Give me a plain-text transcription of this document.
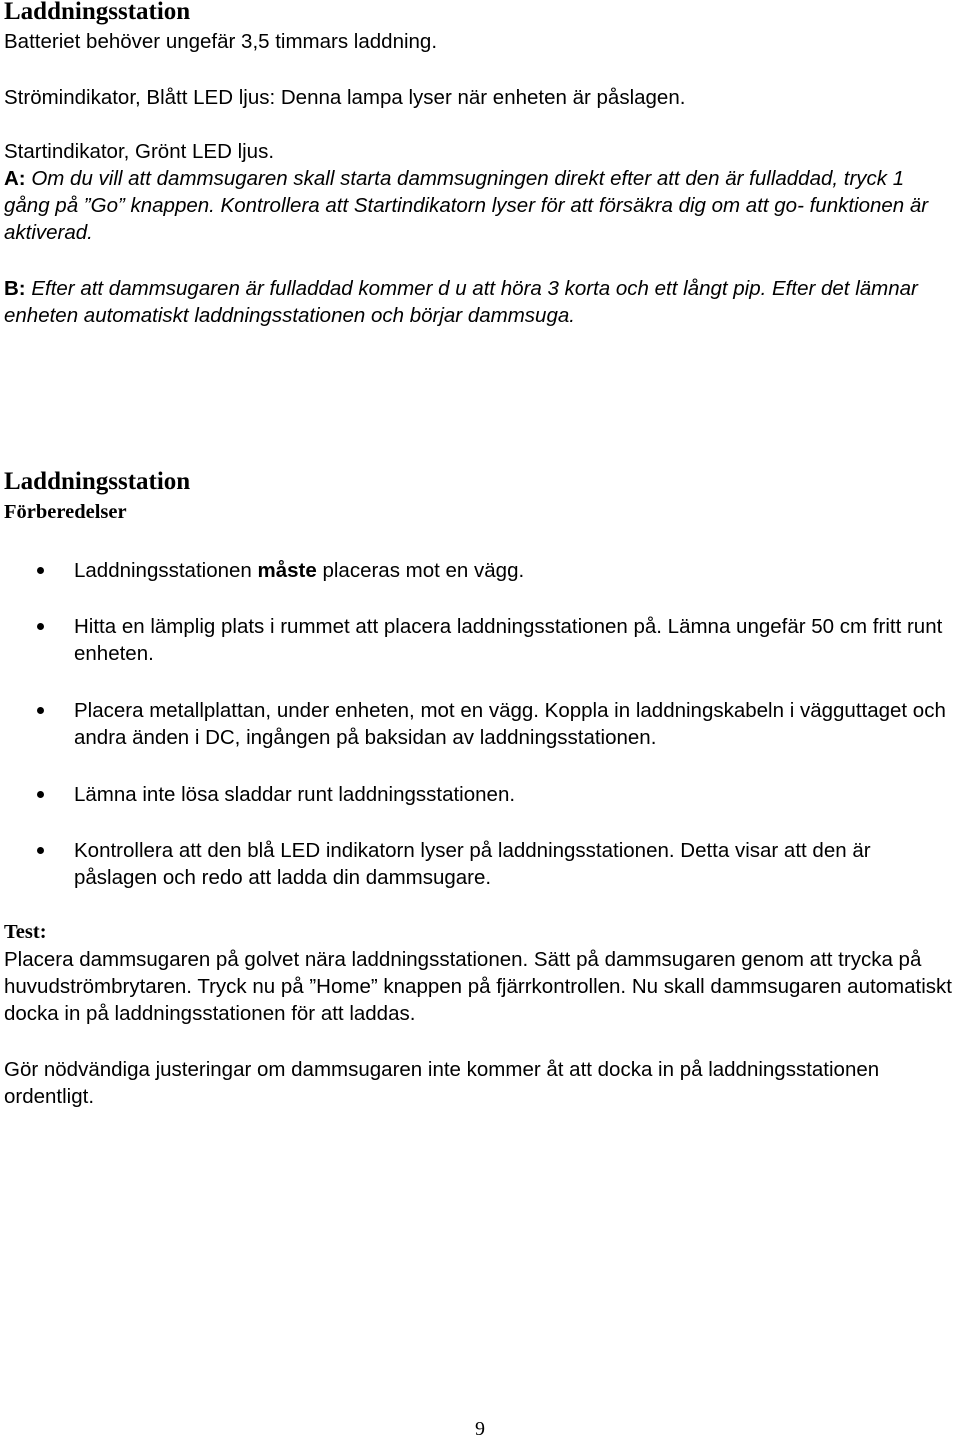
Laddningsstation

Batteriet behöver ungefär 3,5 timmars laddning.

Strömindikator, Blått LED ljus: Denna lampa lyser när enheten är påslagen.

Startindikator, Grönt LED ljus.

A: Om du vill att dammsugaren skall starta dammsugningen direkt efter att den är fulladdad, tryck 1 gång på ”Go” knappen. Kontrollera att Startindikatorn lyser för att försäkra dig om att go- funktionen är aktiverad.

B: Efter att dammsugaren är fulladdad kommer d u att höra 3 korta och ett långt pip. Efter det lämnar enheten automatiskt laddningsstationen och börjar dammsuga.

Laddningsstation
Förberedelser

Laddningsstationen måste placeras mot en vägg.

Hitta en lämplig plats i rummet att placera laddningsstationen på. Lämna ungefär 50 cm fritt runt enheten.

Placera metallplattan, under enheten, mot en vägg. Koppla in laddningskabeln i vägguttaget och andra änden i DC, ingången på baksidan av laddningsstationen.

Lämna inte lösa sladdar runt laddningsstationen.

Kontrollera att den blå LED indikatorn lyser på laddningsstationen. Detta visar att den är påslagen och redo att ladda din dammsugare.

Test:

Placera dammsugaren på golvet nära laddningsstationen. Sätt på dammsugaren genom att trycka på huvudströmbrytaren. Tryck nu på ”Home” knappen på fjärrkontrollen. Nu skall dammsugaren automatiskt docka in på laddningsstationen för att laddas.

Gör nödvändiga justeringar om dammsugaren inte kommer åt att docka in på laddningsstationen ordentligt.

9
